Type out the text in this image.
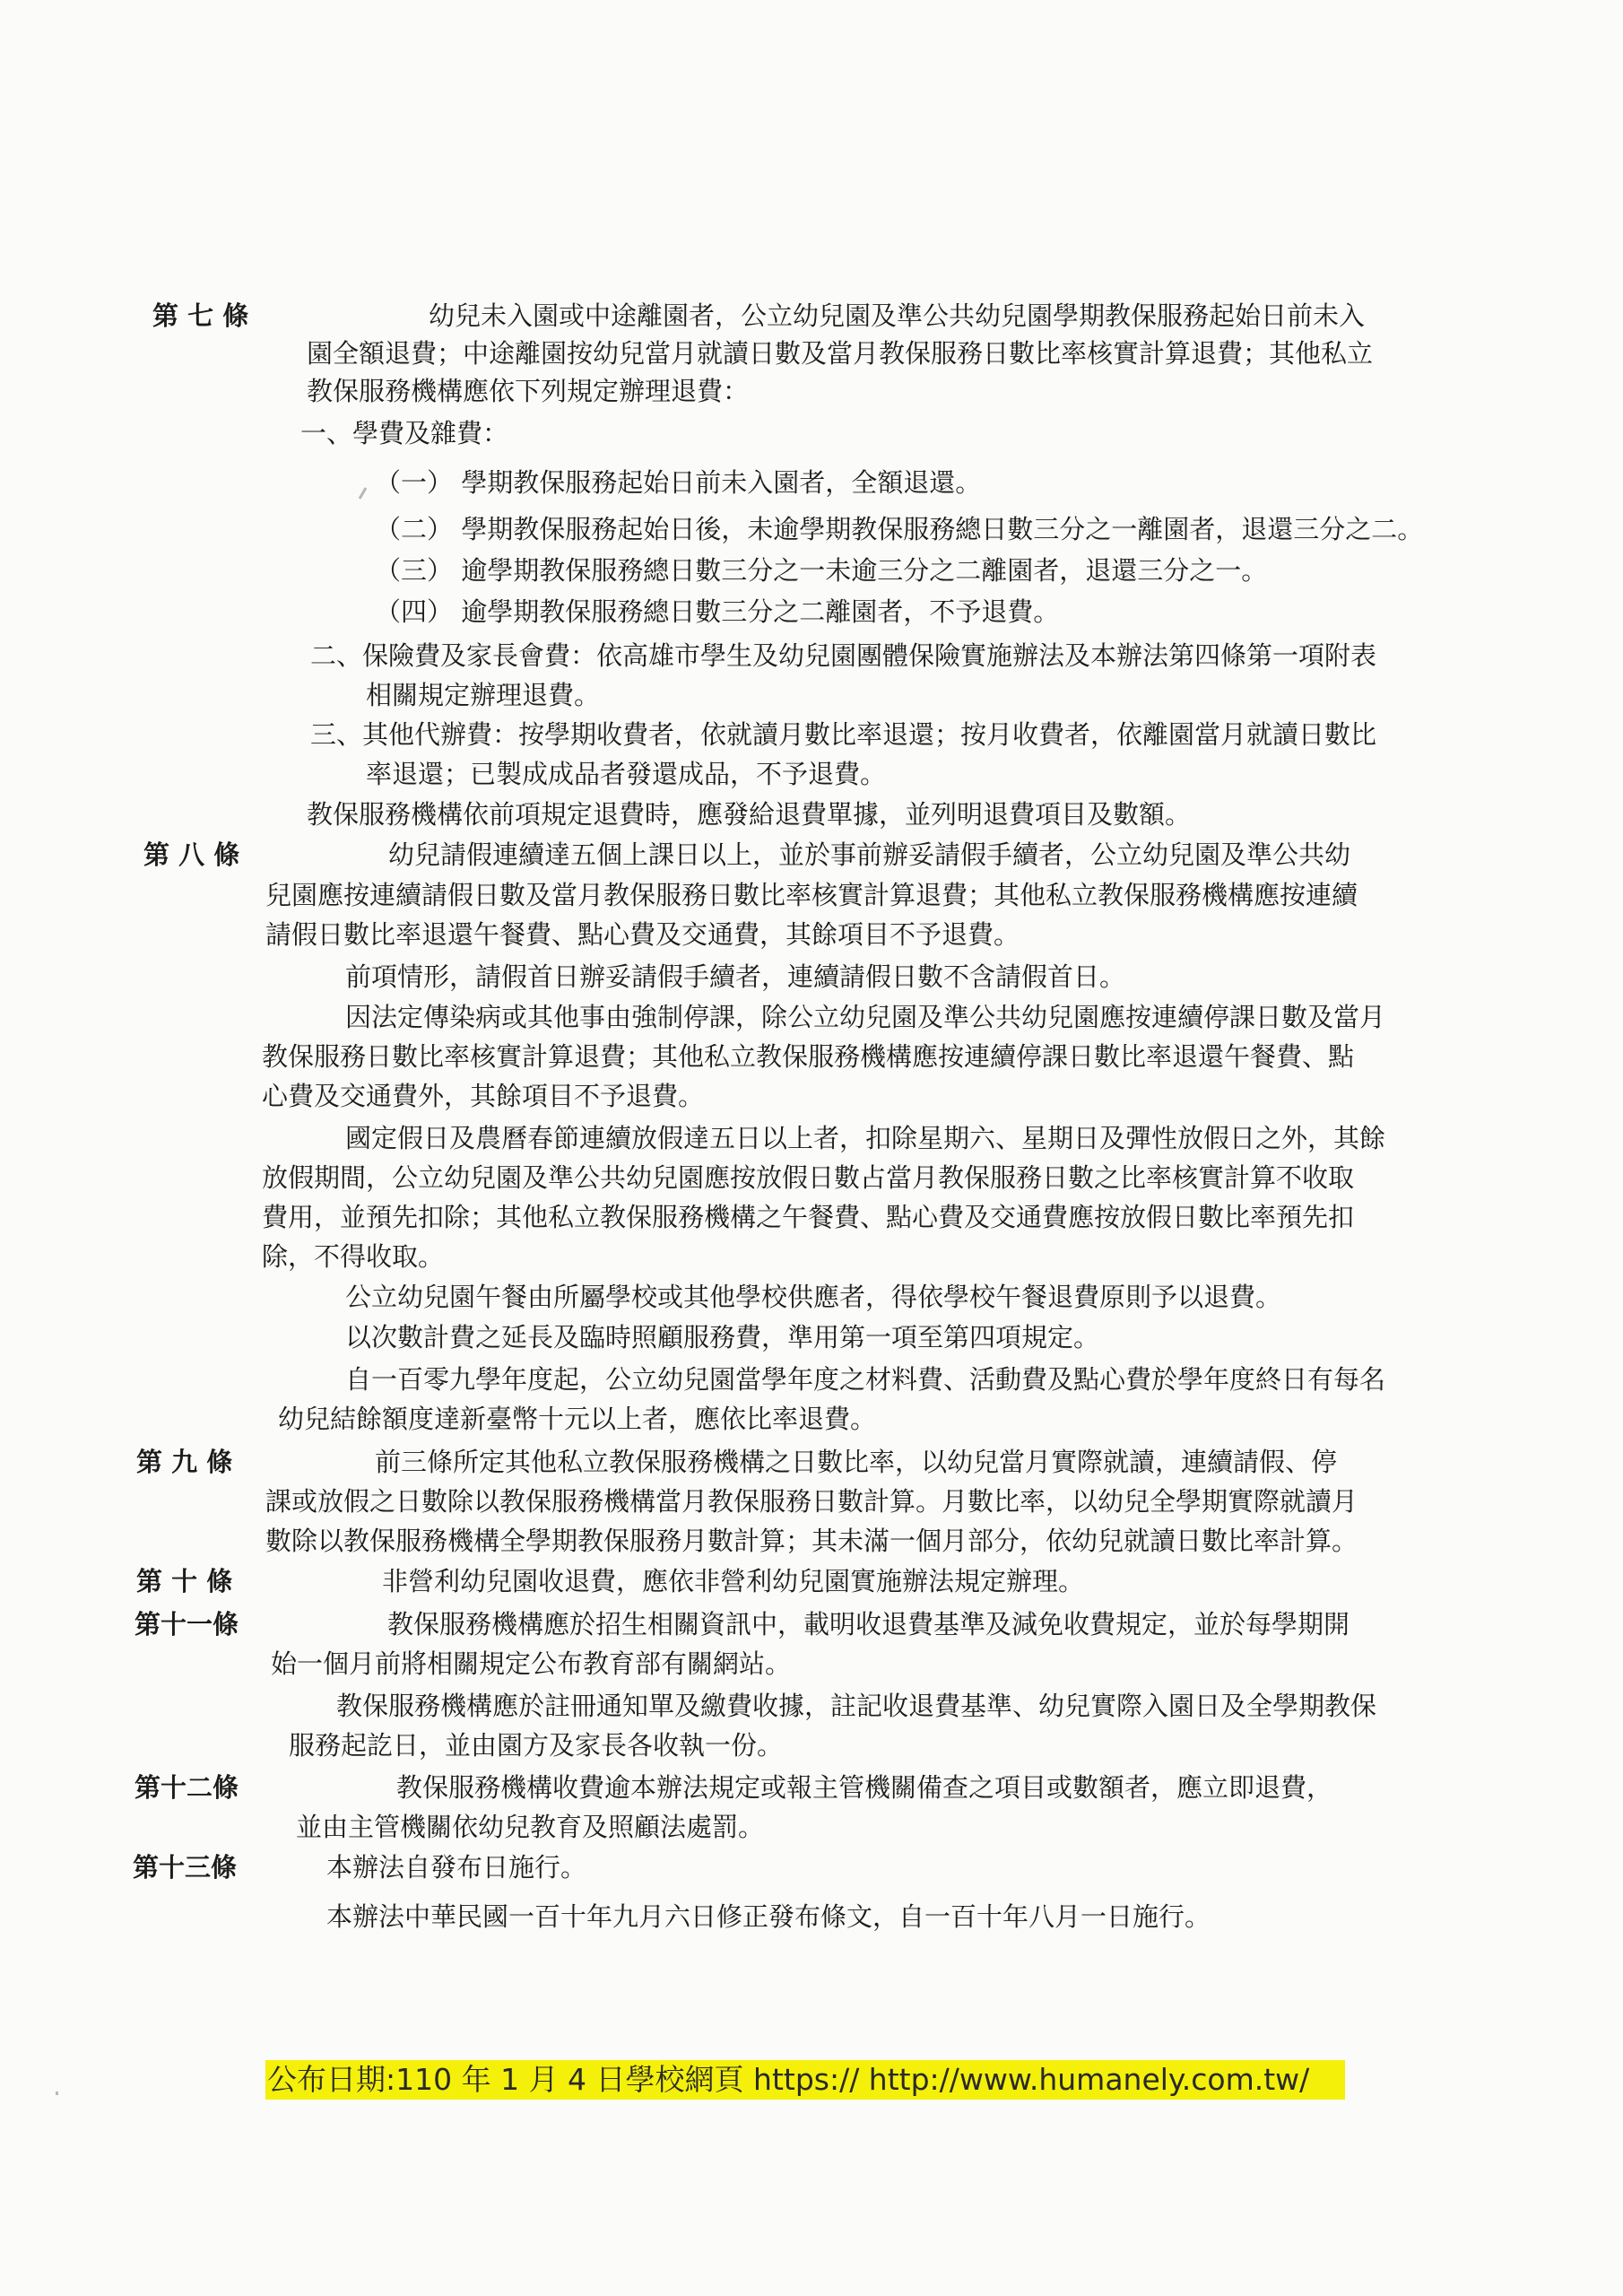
第 七 條	幼兒未入園或中途離園者，公立幼兒園及準公共幼兒園學期教保服務起始日前未入
園全額退費；中途離園按幼兒當月就讀日數及當月教保服務日數比率核實計算退費；其他私立
教保服務機構應依下列規定辦理退費：
一、學費及雜費：
（一） 學期教保服務起始日前未入園者，全額退還。
（二） 學期教保服務起始日後，未逾學期教保服務總日數三分之一離園者，退還三分之二。
（三） 逾學期教保服務總日數三分之一未逾三分之二離園者，退還三分之一。
（四） 逾學期教保服務總日數三分之二離園者，不予退費。
二、保險費及家長會費：依高雄市學生及幼兒園團體保險實施辦法及本辦法第四條第一項附表
相關規定辦理退費。
三、其他代辦費：按學期收費者，依就讀月數比率退還；按月收費者，依離園當月就讀日數比
率退還；已製成成品者發還成品，不予退費。
教保服務機構依前項規定退費時，應發給退費單據，並列明退費項目及數額。
第 八 條	幼兒請假連續達五個上課日以上，並於事前辦妥請假手續者，公立幼兒園及準公共幼
兒園應按連續請假日數及當月教保服務日數比率核實計算退費；其他私立教保服務機構應按連續
請假日數比率退還午餐費、點心費及交通費，其餘項目不予退費。
前項情形，請假首日辦妥請假手續者，連續請假日數不含請假首日。
因法定傳染病或其他事由強制停課，除公立幼兒園及準公共幼兒園應按連續停課日數及當月
教保服務日數比率核實計算退費；其他私立教保服務機構應按連續停課日數比率退還午餐費、點
心費及交通費外，其餘項目不予退費。
國定假日及農曆春節連續放假達五日以上者，扣除星期六、星期日及彈性放假日之外，其餘
放假期間，公立幼兒園及準公共幼兒園應按放假日數占當月教保服務日數之比率核實計算不收取
費用，並預先扣除；其他私立教保服務機構之午餐費、點心費及交通費應按放假日數比率預先扣
除，不得收取。
公立幼兒園午餐由所屬學校或其他學校供應者，得依學校午餐退費原則予以退費。
以次數計費之延長及臨時照顧服務費，準用第一項至第四項規定。
自一百零九學年度起，公立幼兒園當學年度之材料費、活動費及點心費於學年度終日有每名
幼兒結餘額度達新臺幣十元以上者，應依比率退費。
第 九 條	前三條所定其他私立教保服務機構之日數比率，以幼兒當月實際就讀，連續請假、停
課或放假之日數除以教保服務機構當月教保服務日數計算。月數比率，以幼兒全學期實際就讀月
數除以教保服務機構全學期教保服務月數計算；其未滿一個月部分，依幼兒就讀日數比率計算。
第 十 條	非營利幼兒園收退費，應依非營利幼兒園實施辦法規定辦理。
第十一條	教保服務機構應於招生相關資訊中，載明收退費基準及減免收費規定，並於每學期開
始一個月前將相關規定公布教育部有關網站。
教保服務機構應於註冊通知單及繳費收據，註記收退費基準、幼兒實際入園日及全學期教保
服務起訖日，並由園方及家長各收執一份。
第十二條	教保服務機構收費逾本辦法規定或報主管機關備查之項目或數額者，應立即退費，
並由主管機關依幼兒教育及照顧法處罰。
第十三條	本辦法自發布日施行。
本辦法中華民國一百十年九月六日修正發布條文，自一百十年八月一日施行。
公布日期:110 年 1 月 4 日學校網頁 https:// http://www.humanely.com.tw/
